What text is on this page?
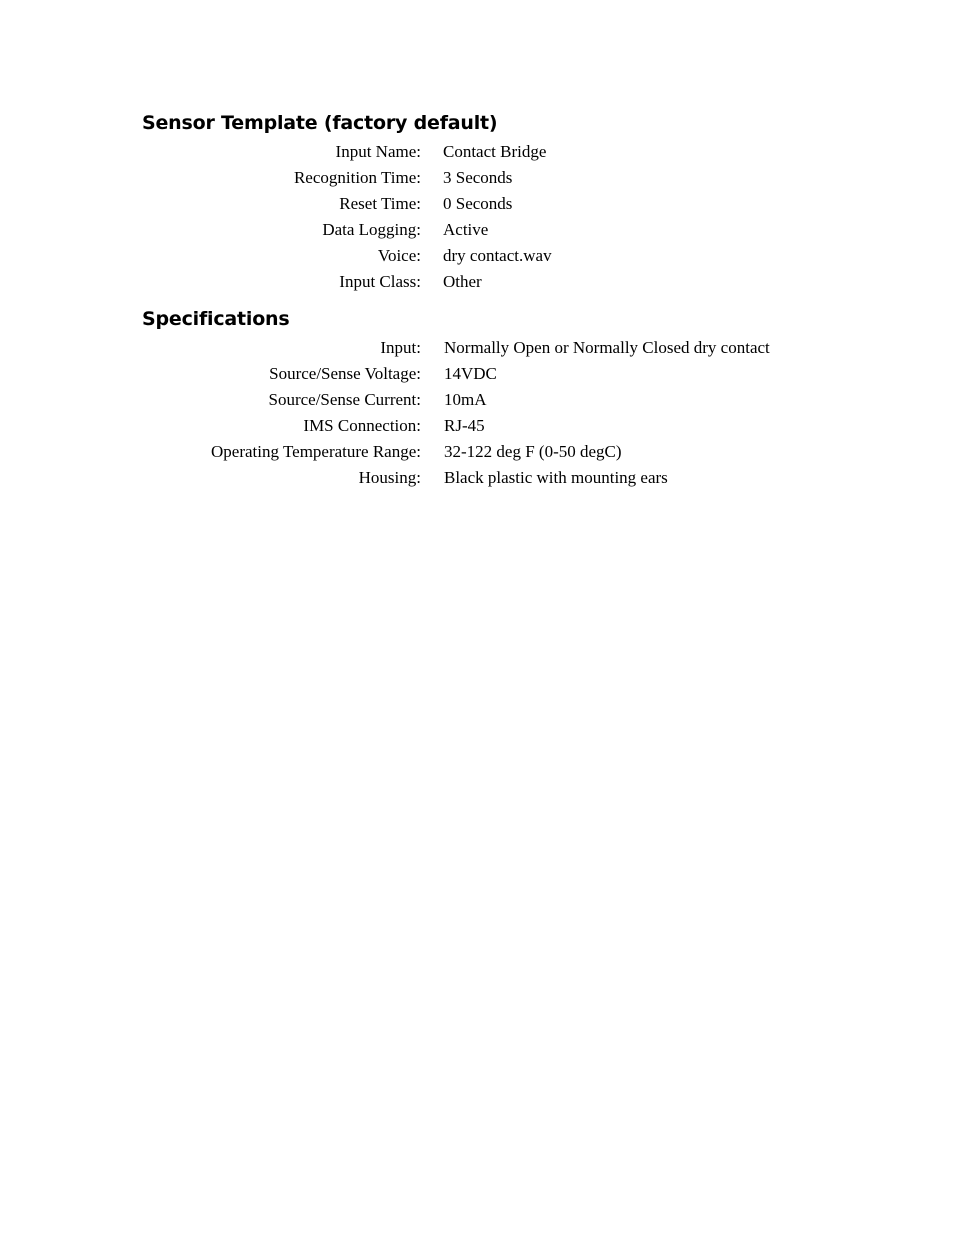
Sensor Template (factory default)
Input Name: Contact Bridge
Recognition Time: 3 Seconds
Reset Time: 0 Seconds
Data Logging: Active
Voice: dry contact.wav
Input Class: Other
Specifications
Input: Normally Open or Normally Closed dry contact
Source/Sense Voltage: 14VDC
Source/Sense Current: 10mA
IMS Connection: RJ-45
Operating Temperature Range: 32-122 deg F (0-50 degC)
Housing: Black plastic with mounting ears
